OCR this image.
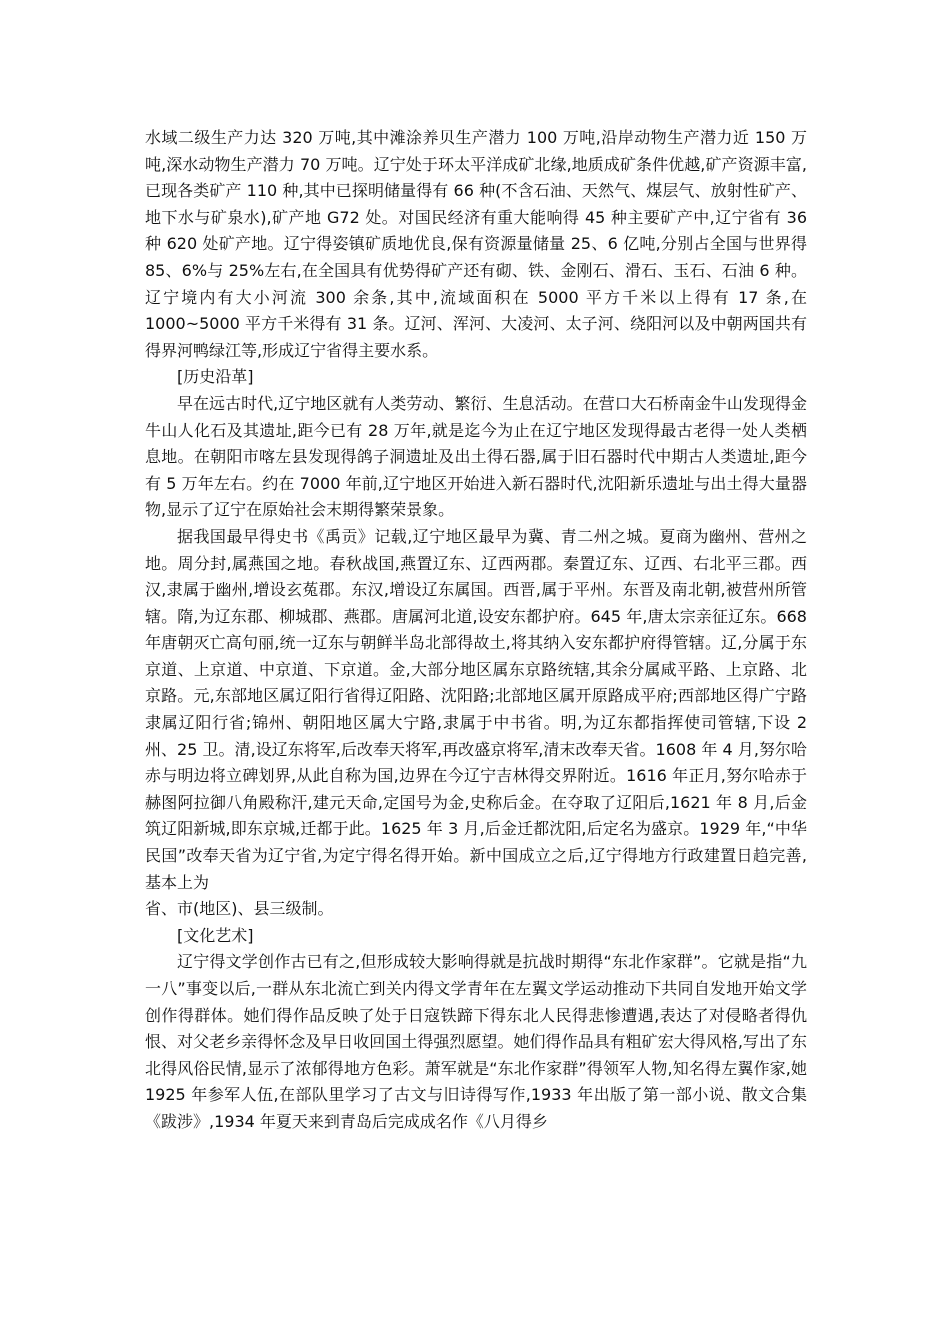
水域二级生产力达 320 万吨,其中滩涂养贝生产潜力 100 万吨,沿岸动物生产潜力近 150 万吨,深水动物生产潜力 70 万吨。辽宁处于环太平洋成矿北缘,地质成矿条件优越,矿产资源丰富,已现各类矿产 110 种,其中已探明储量得有 66 种(不含石油、天然气、煤层气、放射性矿产、地下水与矿泉水),矿产地 G72 处。对国民经济有重大能响得 45 种主要矿产中,辽宁省有 36 种 620 处矿产地。辽宁得姿镇矿质地优良,保有资源量储量 25、6 亿吨,分别占全国与世界得 85、6%与 25%左右,在全国具有优势得矿产还有砌、铁、金刚石、滑石、玉石、石油 6 种。辽宁境内有大小河流 300 余条,其中,流域面积在 5000 平方千米以上得有 17 条,在 1000~5000 平方千米得有 31 条。辽河、浑河、大凌河、太子河、绕阳河以及中朝两国共有得界河鸭绿江等,形成辽宁省得主要水系。

[历史沿革]

早在远古时代,辽宁地区就有人类劳动、繁衍、生息活动。在营口大石桥南金牛山发现得金牛山人化石及其遗址,距今已有 28 万年,就是迄今为止在辽宁地区发现得最古老得一处人类栖息地。在朝阳市喀左县发现得鸽子洞遗址及出土得石器,属于旧石器时代中期古人类遗址,距今有 5 万年左右。约在 7000 年前,辽宁地区开始进入新石器时代,沈阳新乐遗址与出土得大量器物,显示了辽宁在原始社会末期得繁荣景象。

据我国最早得史书《禹贡》记载,辽宁地区最早为冀、青二州之城。夏商为幽州、营州之地。周分封,属燕国之地。春秋战国,燕置辽东、辽西两郡。秦置辽东、辽西、右北平三郡。西汉,隶属于幽州,增设玄菟郡。东汉,增设辽东属国。西晋,属于平州。东晋及南北朝,被营州所管辖。隋,为辽东郡、柳城郡、燕郡。唐属河北道,设安东都护府。645 年,唐太宗亲征辽东。668 年唐朝灭亡高句丽,统一辽东与朝鲜半岛北部得故土,将其纳入安东都护府得管辖。辽,分属于东京道、上京道、中京道、下京道。金,大部分地区属东京路统辖,其余分属咸平路、上京路、北京路。元,东部地区属辽阳行省得辽阳路、沈阳路;北部地区属开原路成平府;西部地区得广宁路隶属辽阳行省;锦州、朝阳地区属大宁路,隶属于中书省。明,为辽东都指挥使司管辖,下设 2 州、25 卫。清,设辽东将军,后改奉天将军,再改盛京将军,清末改奉天省。1608 年 4 月,努尔哈赤与明边将立碑划界,从此自称为国,边界在今辽宁吉林得交界附近。1616 年正月,努尔哈赤于赫图阿拉御八角殿称汗,建元天命,定国号为金,史称后金。在夺取了辽阳后,1621 年 8 月,后金筑辽阳新城,即东京城,迁都于此。1625 年 3 月,后金迁都沈阳,后定名为盛京。1929 年,“中华民国”改奉天省为辽宁省,为定宁得名得开始。新中国成立之后,辽宁得地方行政建置日趋完善,基本上为

省、市(地区)、县三级制。

[文化艺术]

辽宁得文学创作古已有之,但形成较大影响得就是抗战时期得“东北作家群”。它就是指“九一八”事变以后,一群从东北流亡到关内得文学青年在左翼文学运动推动下共同自发地开始文学创作得群体。她们得作品反映了处于日寇铁蹄下得东北人民得悲惨遭遇,表达了对侵略者得仇恨、对父老乡亲得怀念及早日收回国土得强烈愿望。她们得作品具有粗矿宏大得风格,写出了东北得风俗民情,显示了浓郁得地方色彩。萧军就是“东北作家群”得领军人物,知名得左翼作家,她 1925 年参军人伍,在部队里学习了古文与旧诗得写作,1933 年出版了第一部小说、散文合集《跋涉》,1934 年夏天来到青岛后完成成名作《八月得乡
